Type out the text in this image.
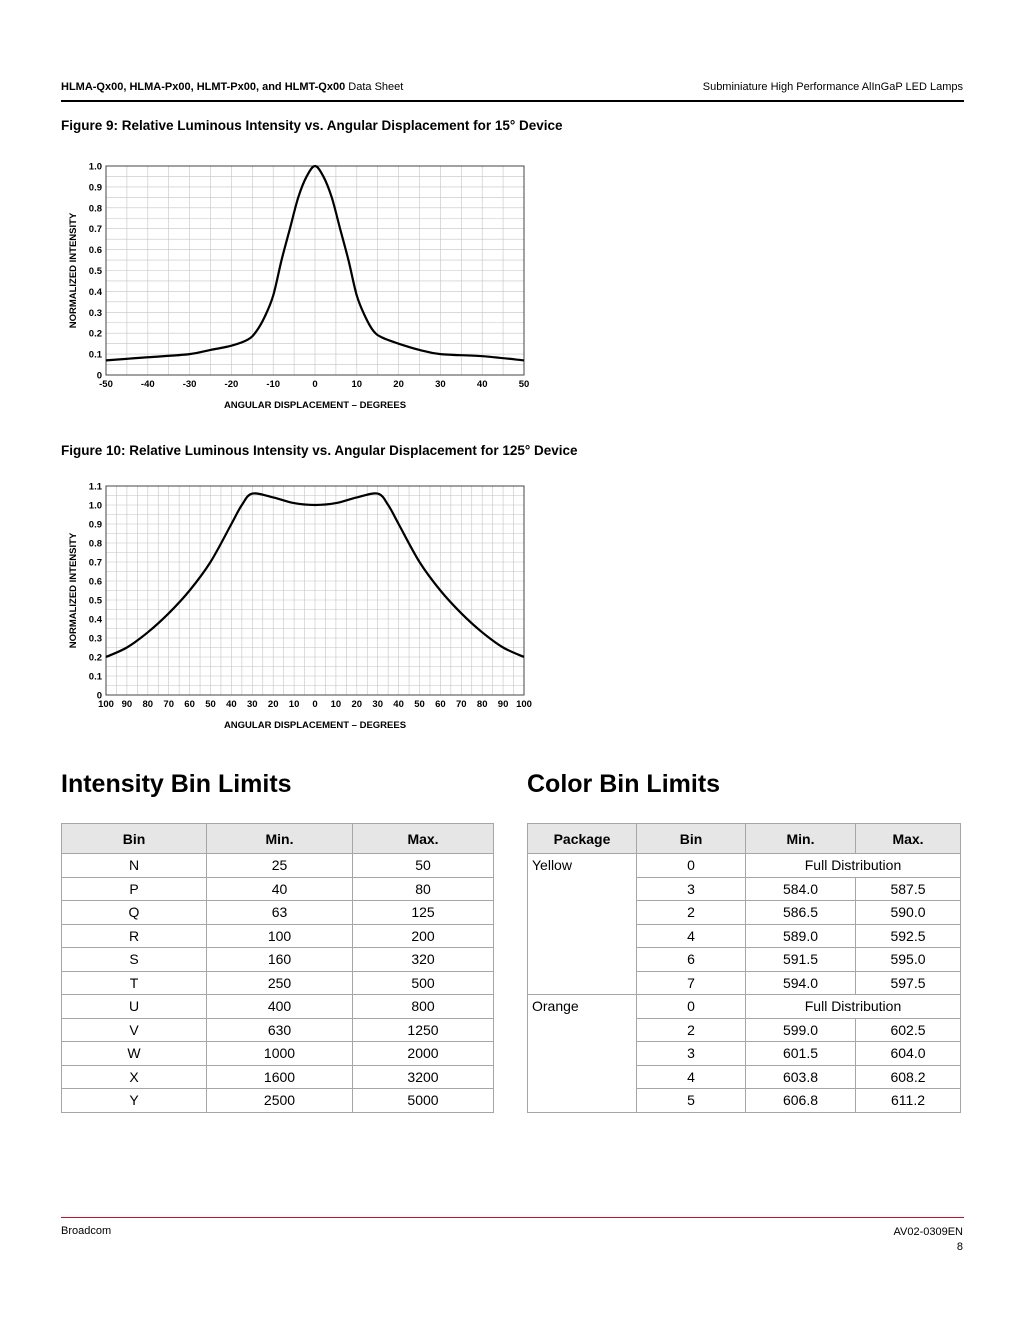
HLMA-Qx00, HLMA-Px00, HLMT-Px00, and HLMT-Qx00 Data Sheet	Subminiature High Performance AlInGaP LED Lamps
Figure 9: Relative Luminous Intensity vs. Angular Displacement for 15° Device
-50	-40	-30	-20	-10	0	10	20	30	40	50
0
0.1
0.2
0.3
0.4
0.5
0.6
0.7
0.8
0.9
1.0
ANGULAR DISPLACEMENT – DEGREES
NORMALIZED INTENSITY
Figure 10: Relative Luminous Intensity vs. Angular Displacement for 125° Device
100 90 80 70 60 50 40 30 20 10 0 10 20 30 40 50 60 70 80 90 100
0
0.1
0.2
0.3
0.4
0.5
0.6
0.7
0.8
0.9
1.0
1.1
ANGULAR DISPLACEMENT – DEGREES
NORMALIZED INTENSITY
Intensity Bin Limits	Color Bin Limits
Bin	Min.	Max.
N	25	50
P	40	80
Q	63	125
R	100	200
S	160	320
T	250	500
U	400	800
V	630	1250
W	1000	2000
X	1600	3200
Y	2500	5000
Package	Bin	Min.	Max.
Yellow	0	Full Distribution	
	3	584.0	587.5
	2	586.5	590.0
	4	589.0	592.5
	6	591.5	595.0
	7	594.0	597.5
Orange	0	Full Distribution	
	2	599.0	602.5
	3	601.5	604.0
	4	603.8	608.2
	5	606.8	611.2
Broadcom	AV02-0309EN
8
